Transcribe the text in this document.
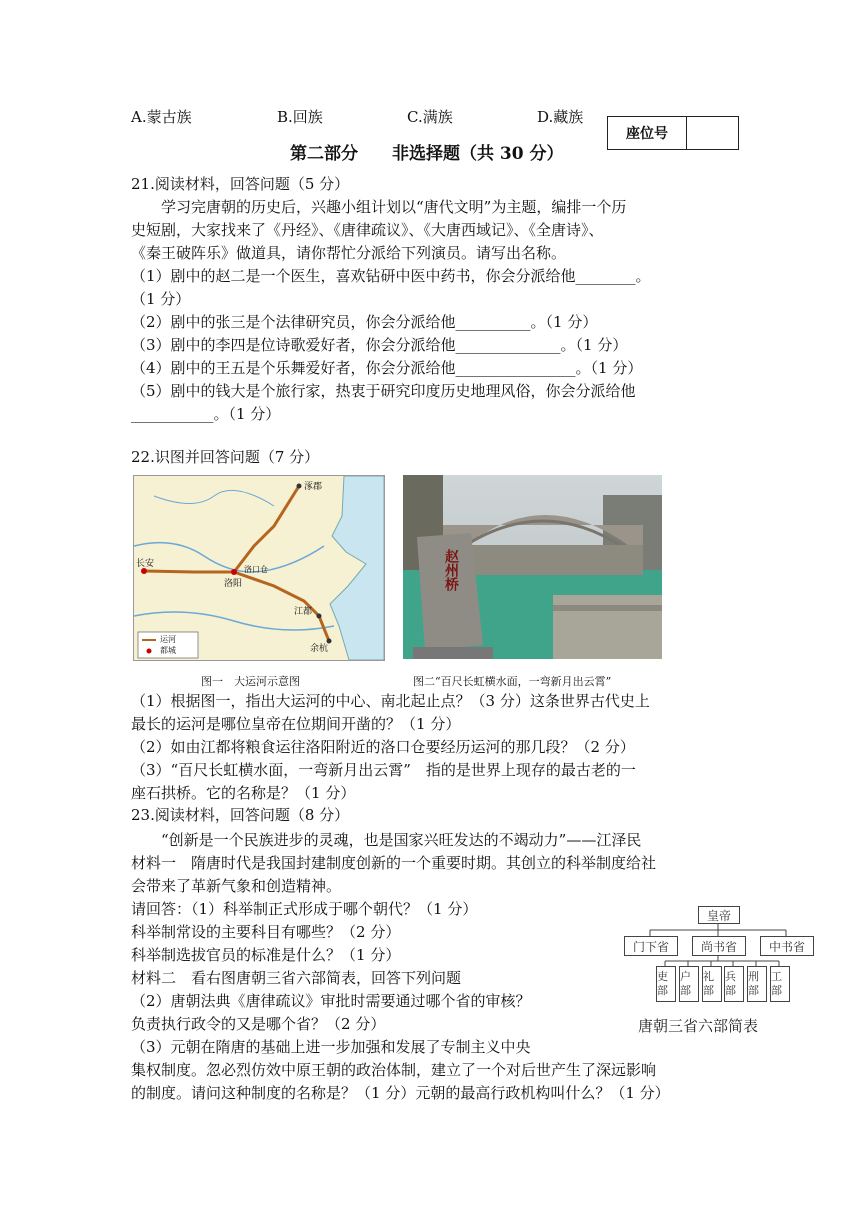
A.蒙古族	B.回族	C.满族	D.藏族
座位号
第二部分　　非选择题（共 30 分）
21.阅读材料，回答问题（5 分）
　　学习完唐朝的历史后，兴趣小组计划以“唐代文明”为主题，编排一个历
史短剧，大家找来了《丹经》、《唐律疏议》、《大唐西域记》、《全唐诗》、
《秦王破阵乐》做道具，请你帮忙分派给下列演员。请写出名称。
（1）剧中的赵二是一个医生，喜欢钻研中医中药书，你会分派给他________。
（1 分）
（2）剧中的张三是个法律研究员，你会分派给他__________。（1 分）
（3）剧中的李四是位诗歌爱好者，你会分派给他______________。（1 分）
（4）剧中的王五是个乐舞爱好者，你会分派给他________________。（1 分）
（5）剧中的钱大是个旅行家，热衷于研究印度历史地理风俗，你会分派给他
___________。（1 分）
22.识图并回答问题（7 分）
涿郡
长安
洛阳
洛口仓
江都
余杭
运河
都城
赵州桥
图一　大运河示意图	图二“百尺长虹横水面，一弯新月出云霄”
（1）根据图一，指出大运河的中心、南北起止点？（3 分）这条世界古代史上
最长的运河是哪位皇帝在位期间开凿的？（1 分）
（2）如由江都将粮食运往洛阳附近的洛口仓要经历运河的那几段？（2 分）
（3）“百尺长虹横水面，一弯新月出云霄”　指的是世界上现存的最古老的一
座石拱桥。它的名称是？（1 分）
23.阅读材料，回答问题（8 分）
　　“创新是一个民族进步的灵魂，也是国家兴旺发达的不竭动力”——江泽民
材料一　隋唐时代是我国封建制度创新的一个重要时期。其创立的科举制度给社
会带来了革新气象和创造精神。
请回答：（1）科举制正式形成于哪个朝代？（1 分）
科举制常设的主要科目有哪些？（2 分）
科举制选拔官员的标准是什么？（1 分）
材料二　看右图唐朝三省六部简表，回答下列问题
（2）唐朝法典《唐律疏议》审批时需要通过哪个省的审核？
负责执行政令的又是哪个省？（2 分）
（3）元朝在隋唐的基础上进一步加强和发展了专制主义中央
集权制度。忽必烈仿效中原王朝的政治体制，建立了一个对后世产生了深远影响
的制度。请问这种制度的名称是？（1 分）元朝的最高行政机构叫什么？（1 分）
皇帝
门下省	尚书省	中书省
吏部
户部
礼部
兵部
刑部
工部
唐朝三省六部简表
